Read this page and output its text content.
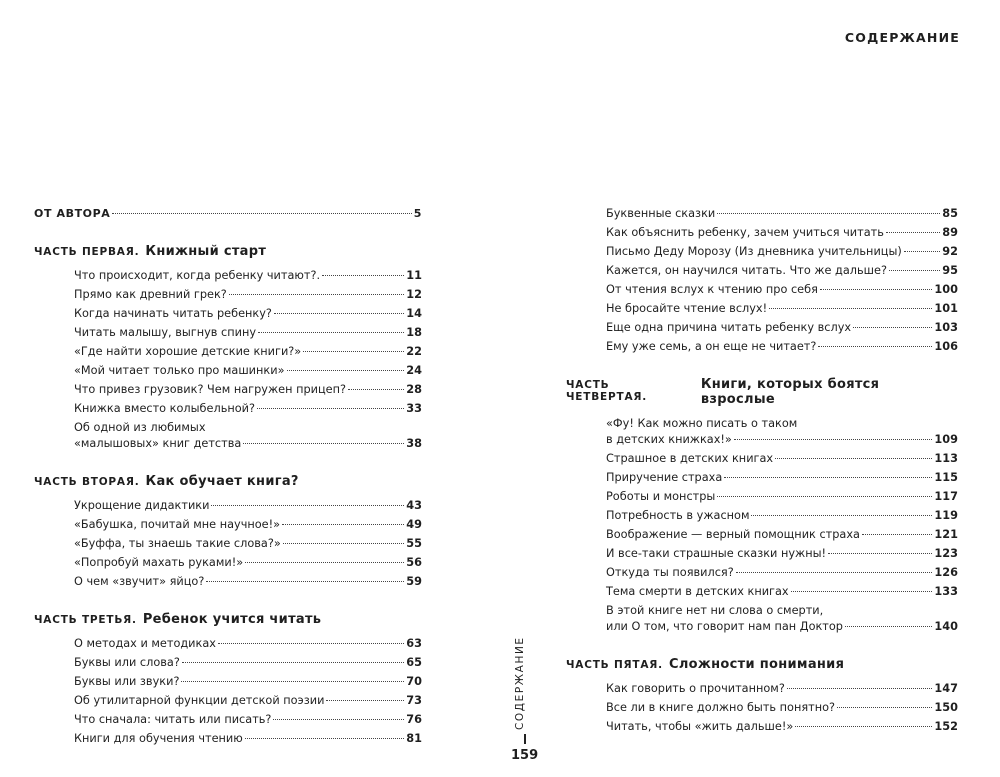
СОДЕРЖАНИЕ
ОТ АВТОРА	5
ЧАСТЬ ПЕРВАЯ. Книжный старт
Что происходит, когда ребенку читают?.	11
Прямо как древний грек?	12
Когда начинать читать ребенку?	14
Читать малышу, выгнув спину	18
«Где найти хорошие детские книги?»	22
«Мой читает только про машинки»	24
Что привез грузовик? Чем нагружен прицеп?	28
Книжка вместо колыбельной?	33
Об одной из любимых
«малышовых» книг детства	38
ЧАСТЬ ВТОРАЯ. Как обучает книга?
Укрощение дидактики	43
«Бабушка, почитай мне научное!»	49
«Буффа, ты знаешь такие слова?»	55
«Попробуй махать руками!»	56
О чем «звучит» яйцо?	59
ЧАСТЬ ТРЕТЬЯ. Ребенок учится читать
О методах и методиках	63
Буквы или слова?	65
Буквы или звуки?	70
Об утилитарной функции детской поэзии	73
Что сначала: читать или писать?	76
Книги для обучения чтению	81
СОДЕРЖАНИЕ
159
Буквенные сказки	85
Как объяснить ребенку, зачем учиться читать	89
Письмо Деду Морозу (Из дневника учительницы)	92
Кажется, он научился читать. Что же дальше?	95
От чтения вслух к чтению про себя	100
Не бросайте чтение вслух!	101
Еще одна причина читать ребенку вслух	103
Ему уже семь, а он еще не читает?	106
ЧАСТЬ ЧЕТВЕРТАЯ.
Книги, которых боятся взрослые
«Фу! Как можно писать о таком
в детских книжках!»	109
Страшное в детских книгах	113
Приручение страха	115
Роботы и монстры	117
Потребность в ужасном	119
Воображение — верный помощник страха	121
И все-таки страшные сказки нужны!	123
Откуда ты появился?	126
Тема смерти в детских книгах	133
В этой книге нет ни слова о смерти,
или О том, что говорит нам пан Доктор	140
ЧАСТЬ ПЯТАЯ. Сложности понимания
Как говорить о прочитанном?	147
Все ли в книге должно быть понятно?	150
Читать, чтобы «жить дальше!»	152
